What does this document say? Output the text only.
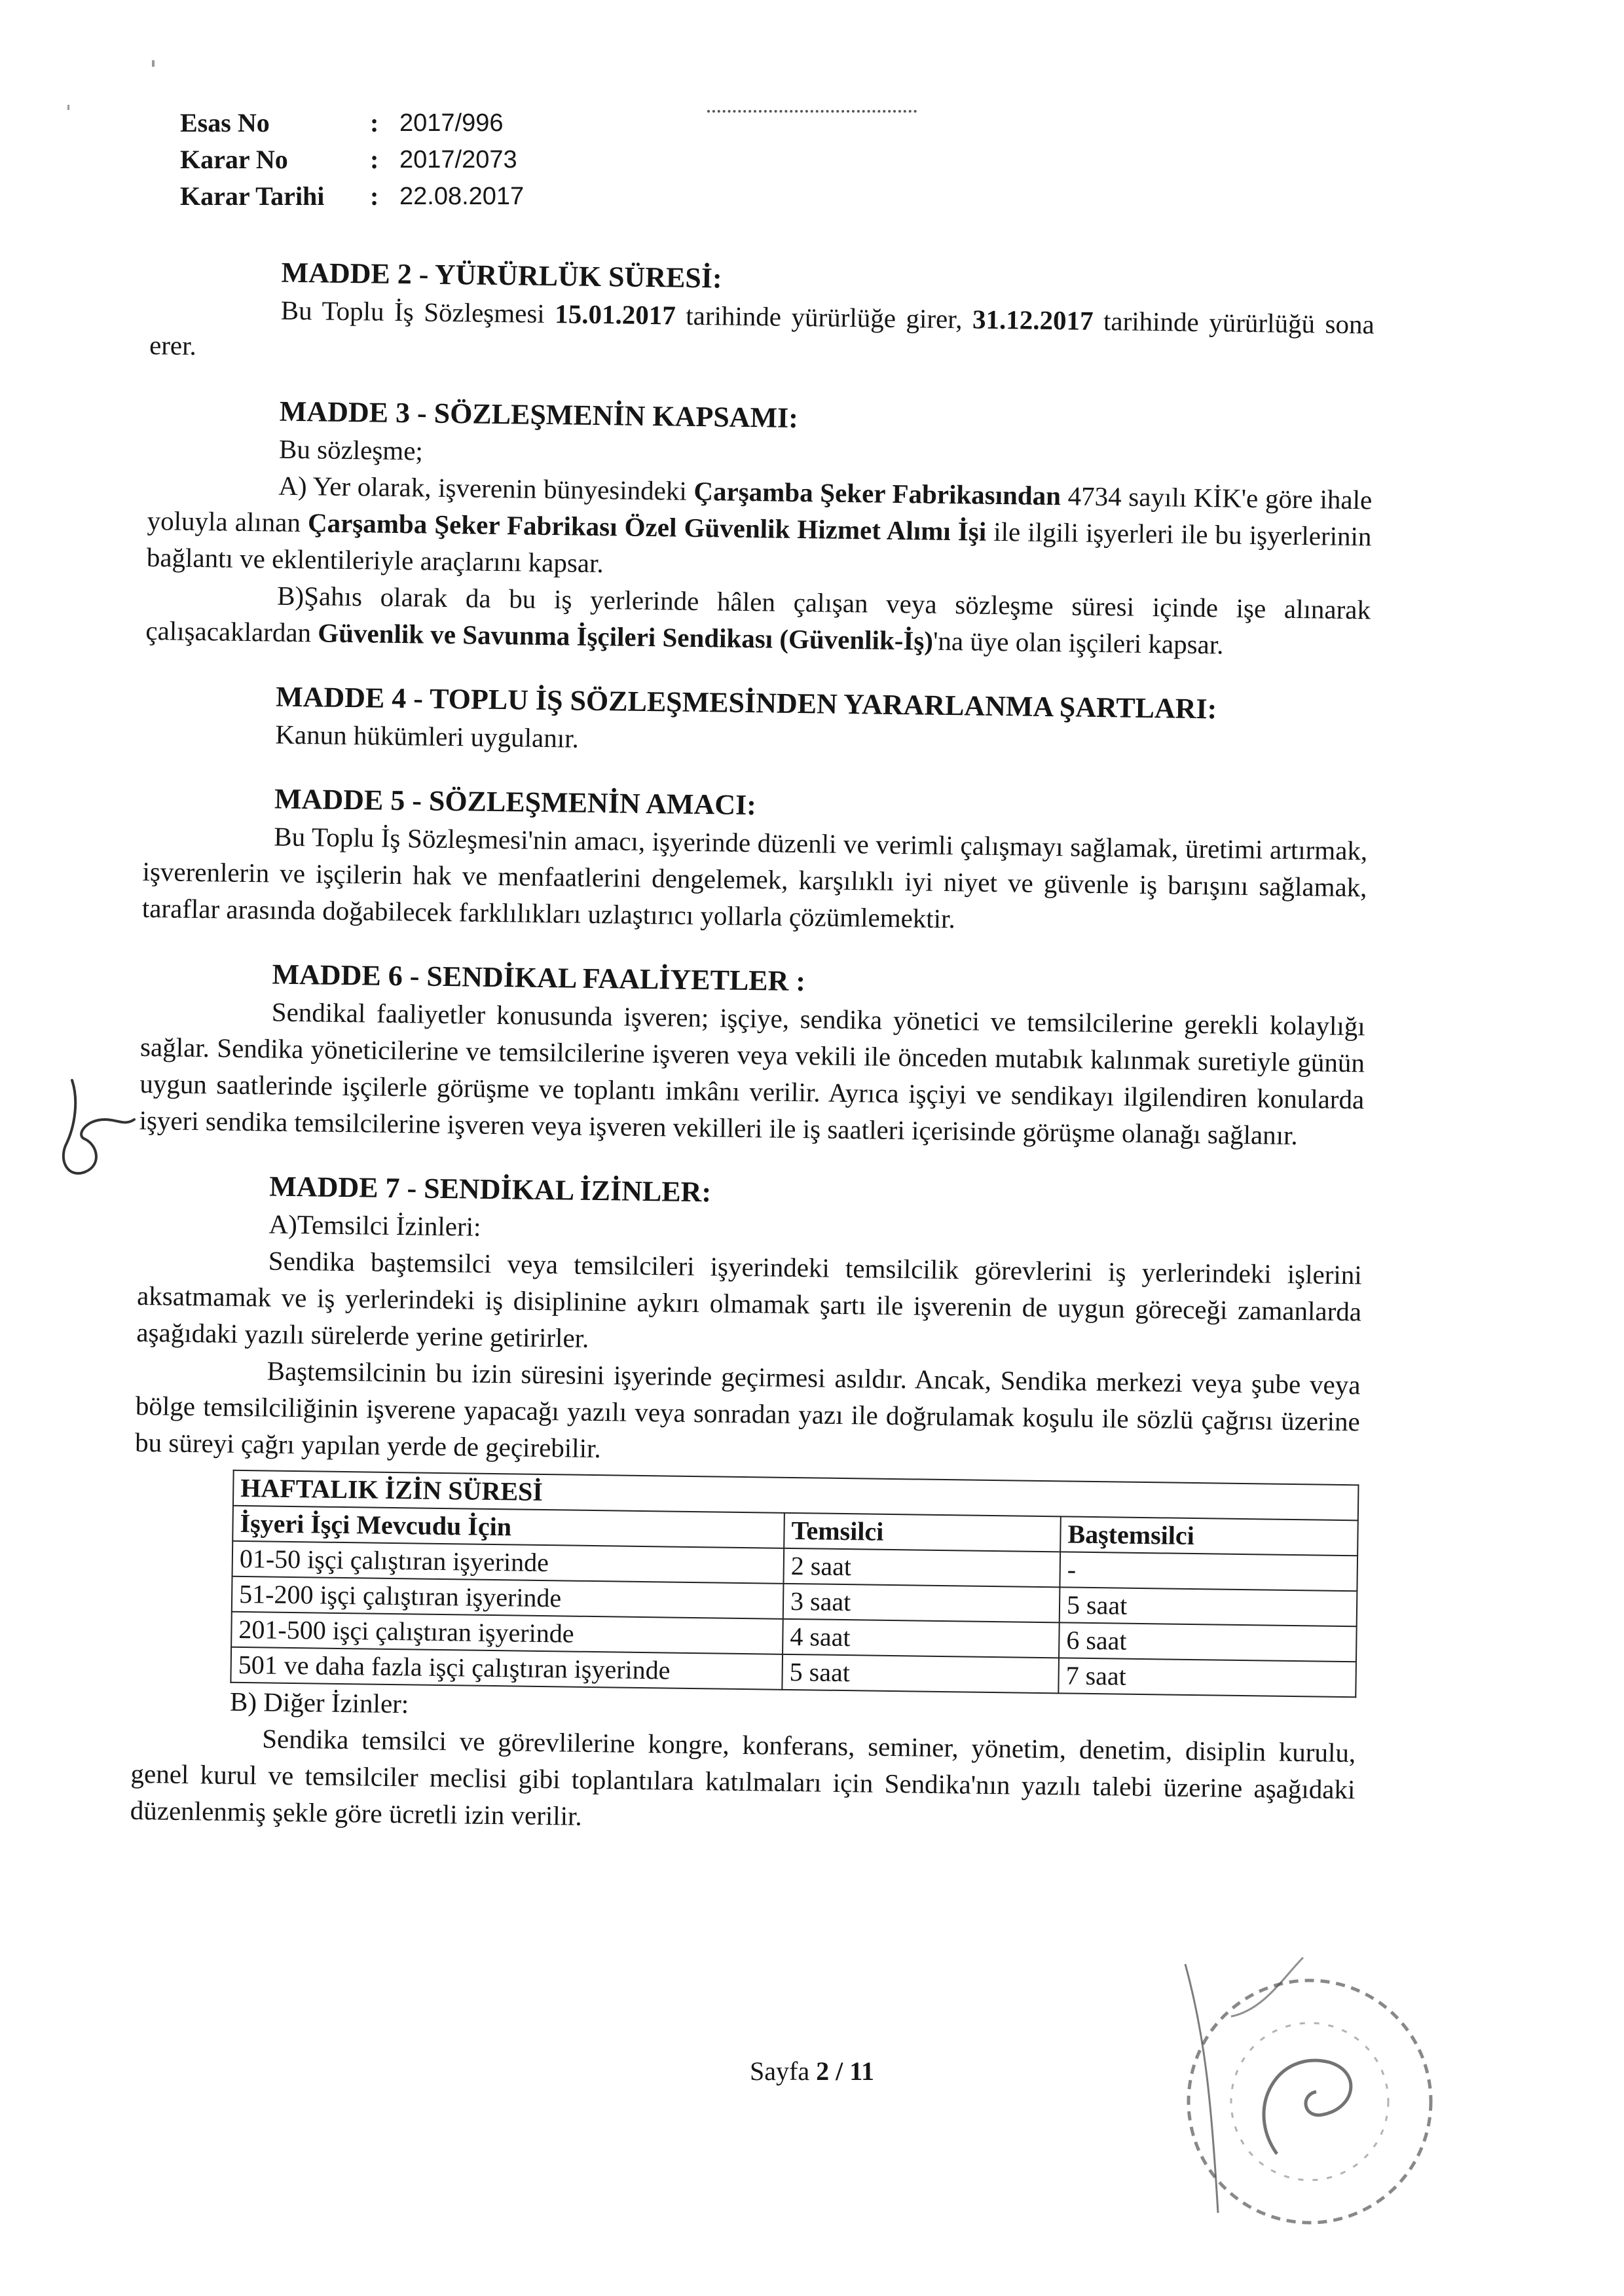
Esas No	: 2017/996
Karar No	: 2017/2073
Karar Tarihi	: 22.08.2017
MADDE 2 - YÜRÜRLÜK SÜRESİ:
Bu Toplu İş Sözleşmesi 15.01.2017 tarihinde yürürlüğe girer, 31.12.2017 tarihinde yürürlüğü sona erer.
MADDE 3 - SÖZLEŞMENİN KAPSAMI:
Bu sözleşme;
A) Yer olarak, işverenin bünyesindeki Çarşamba Şeker Fabrikasından 4734 sayılı KİK'e göre ihale yoluyla alınan Çarşamba Şeker Fabrikası Özel Güvenlik Hizmet Alımı İşi ile ilgili işyerleri ile bu işyerlerinin bağlantı ve eklentileriyle araçlarını kapsar.
B)Şahıs olarak da bu iş yerlerinde hâlen çalışan veya sözleşme süresi içinde işe alınarak çalışacaklardan Güvenlik ve Savunma İşçileri Sendikası (Güvenlik-İş)'na üye olan işçileri kapsar.
MADDE 4 - TOPLU İŞ SÖZLEŞMESİNDEN YARARLANMA ŞARTLARI:
Kanun hükümleri uygulanır.
MADDE 5 - SÖZLEŞMENİN AMACI:
Bu Toplu İş Sözleşmesi'nin amacı, işyerinde düzenli ve verimli çalışmayı sağlamak, üretimi artırmak, işverenlerin ve işçilerin hak ve menfaatlerini dengelemek, karşılıklı iyi niyet ve güvenle iş barışını sağlamak, taraflar arasında doğabilecek farklılıkları uzlaştırıcı yollarla çözümlemektir.
MADDE 6 - SENDİKAL FAALİYETLER :
Sendikal faaliyetler konusunda işveren; işçiye, sendika yönetici ve temsilcilerine gerekli kolaylığı sağlar. Sendika yöneticilerine ve temsilcilerine işveren veya vekili ile önceden mutabık kalınmak suretiyle günün uygun saatlerinde işçilerle görüşme ve toplantı imkânı verilir. Ayrıca işçiyi ve sendikayı ilgilendiren konularda işyeri sendika temsilcilerine işveren veya işveren vekilleri ile iş saatleri içerisinde görüşme olanağı sağlanır.
MADDE 7 - SENDİKAL İZİNLER:
A)Temsilci İzinleri:
Sendika baştemsilci veya temsilcileri işyerindeki temsilcilik görevlerini iş yerlerindeki işlerini aksatmamak ve iş yerlerindeki iş disiplinine aykırı olmamak şartı ile işverenin de uygun göreceği zamanlarda aşağıdaki yazılı sürelerde yerine getirirler.
Baştemsilcinin bu izin süresini işyerinde geçirmesi asıldır. Ancak, Sendika merkezi veya şube veya bölge temsilciliğinin işverene yapacağı yazılı veya sonradan yazı ile doğrulamak koşulu ile sözlü çağrısı üzerine bu süreyi çağrı yapılan yerde de geçirebilir.
HAFTALIK İZİN SÜRESİ		
İşyeri İşçi Mevcudu İçin	Temsilci	Baştemsilci
01-50 işçi çalıştıran işyerinde	2 saat	-
51-200 işçi çalıştıran işyerinde	3 saat	5 saat
201-500 işçi çalıştıran işyerinde	4 saat	6 saat
501 ve daha fazla işçi çalıştıran işyerinde	5 saat	7 saat
B) Diğer İzinler:
Sendika temsilci ve görevlilerine kongre, konferans, seminer, yönetim, denetim, disiplin kurulu, genel kurul ve temsilciler meclisi gibi toplantılara katılmaları için Sendika'nın yazılı talebi üzerine aşağıdaki düzenlenmiş şekle göre ücretli izin verilir.
Sayfa 2 / 11
